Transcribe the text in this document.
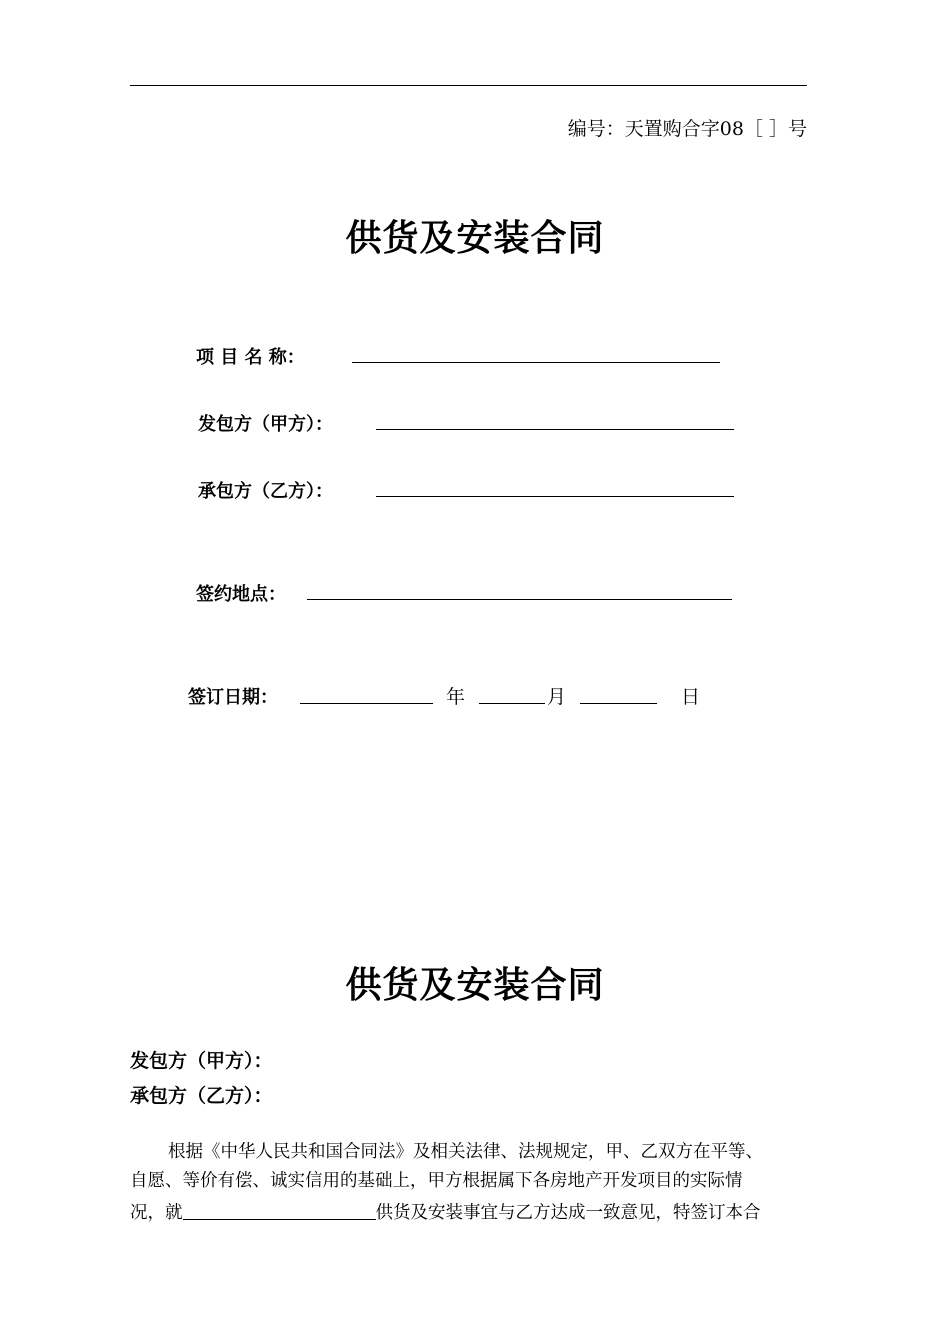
编号：天置购合字08［ ］号
供货及安装合同
项 目 名 称：
发包方（甲方）：
承包方（乙方）：
签约地点：
签订日期：	年	月	日
供货及安装合同
发包方（甲方）：
承包方（乙方）：
根据《中华人民共和国合同法》及相关法律、法规规定，甲、乙双方在平等、
自愿、等价有偿、诚实信用的基础上，甲方根据属下各房地产开发项目的实际情
况，就	供货及安装事宜与乙方达成一致意见，特签订本合
